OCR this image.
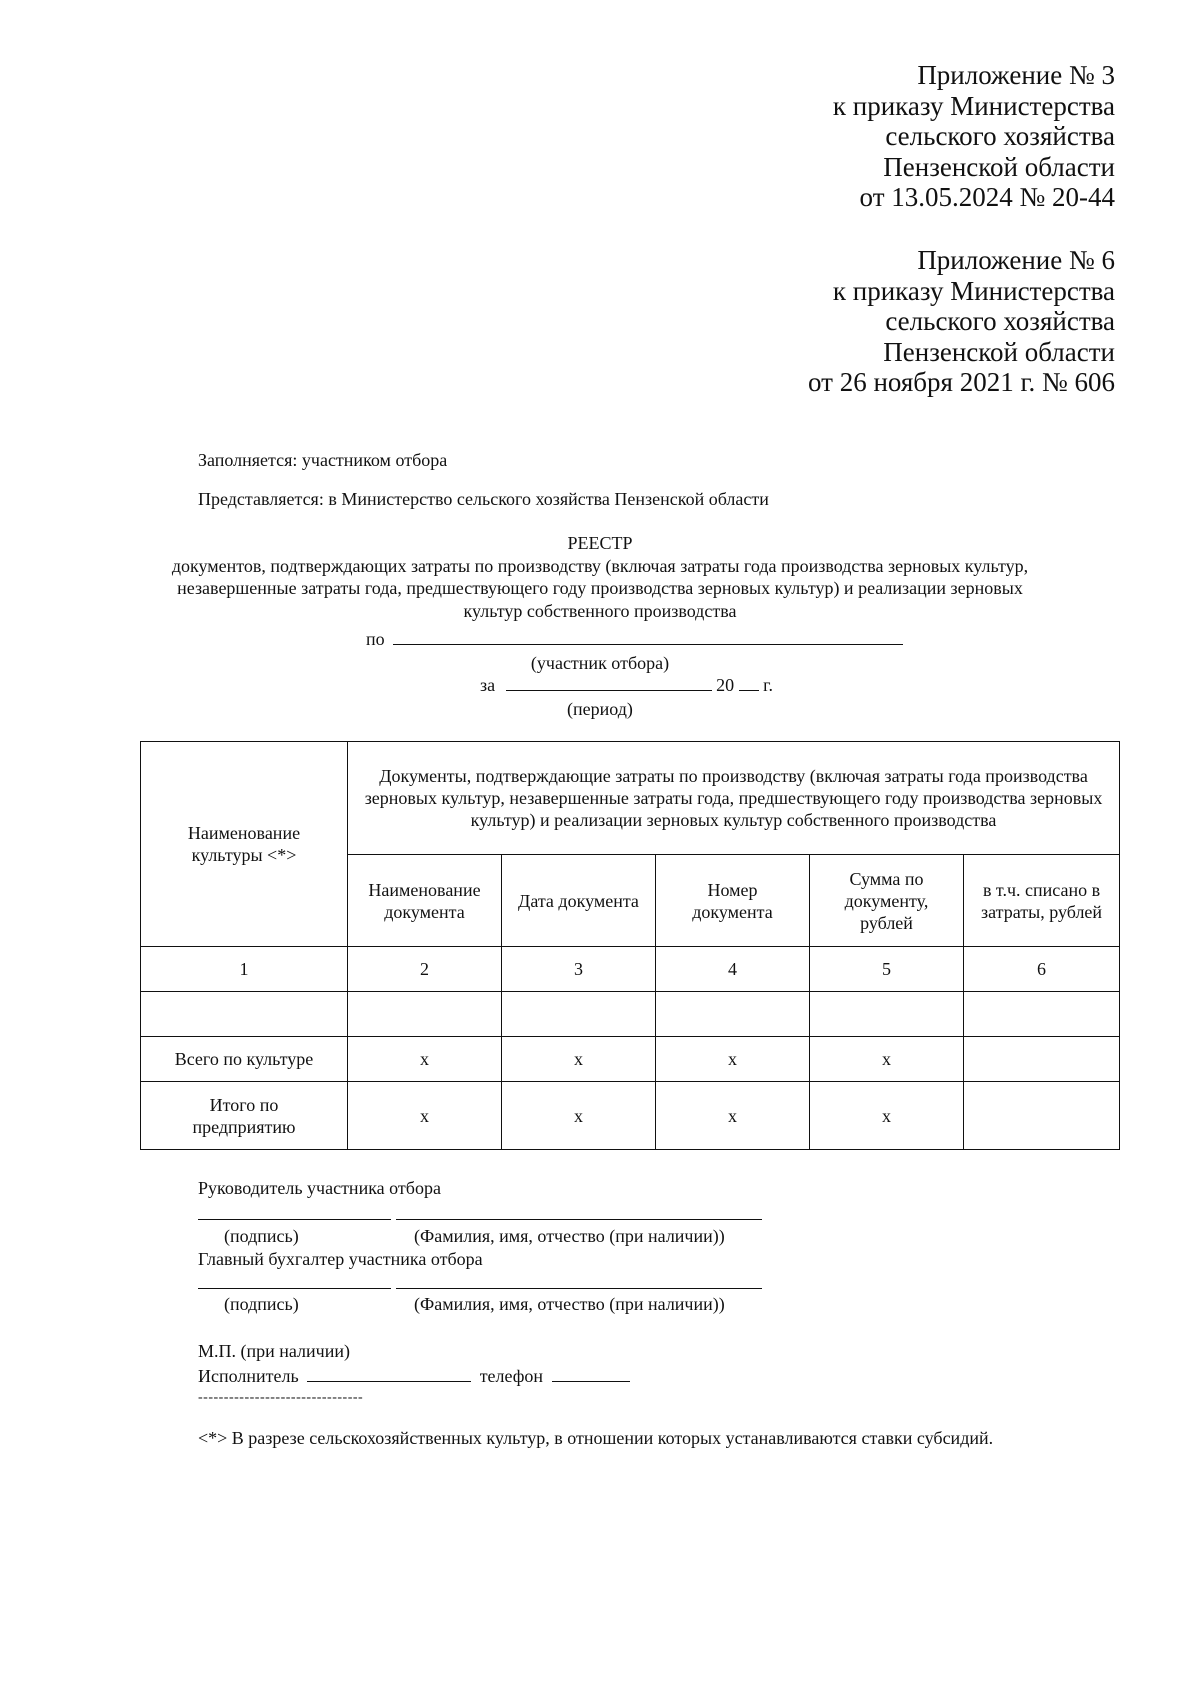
Приложение № 3
к приказу Министерства
сельского хозяйства
Пензенской области
от 13.05.2024 № 20-44
Приложение № 6
к приказу Министерства
сельского хозяйства
Пензенской области
от 26 ноября 2021 г. № 606
Заполняется: участником отбора
Представляется: в Министерство сельского хозяйства Пензенской области
РЕЕСТР
документов, подтверждающих затраты по производству (включая затраты года производства зерновых культур,
незавершенные затраты года, предшествующего году производства зерновых культур) и реализации зерновых
культур собственного производства
по
(участник отбора)
за	20 г.
(период)
Наименование культуры <*>	Документы, подтверждающие затраты по производству (включая затраты года производства зерновых культур, незавершенные затраты года, предшествующего году производства зерновых культур) и реализации зерновых культур собственного производства				
	Наименование документа	Дата документа	Номер документа	Сумма по документу, рублей	в т.ч. списано в затраты, рублей
1	2	3	4	5	6

Всего по культуре	x	x	x	x	
Итого по предприятию	x	x	x	x	
Руководитель участника отбора
(подпись)	(Фамилия, имя, отчество (при наличии))
Главный бухгалтер участника отбора
(подпись)	(Фамилия, имя, отчество (при наличии))
М.П. (при наличии)
Исполнитель	телефон
--------------------------------
<*> В разрезе сельскохозяйственных культур, в отношении которых устанавливаются ставки субсидий.
